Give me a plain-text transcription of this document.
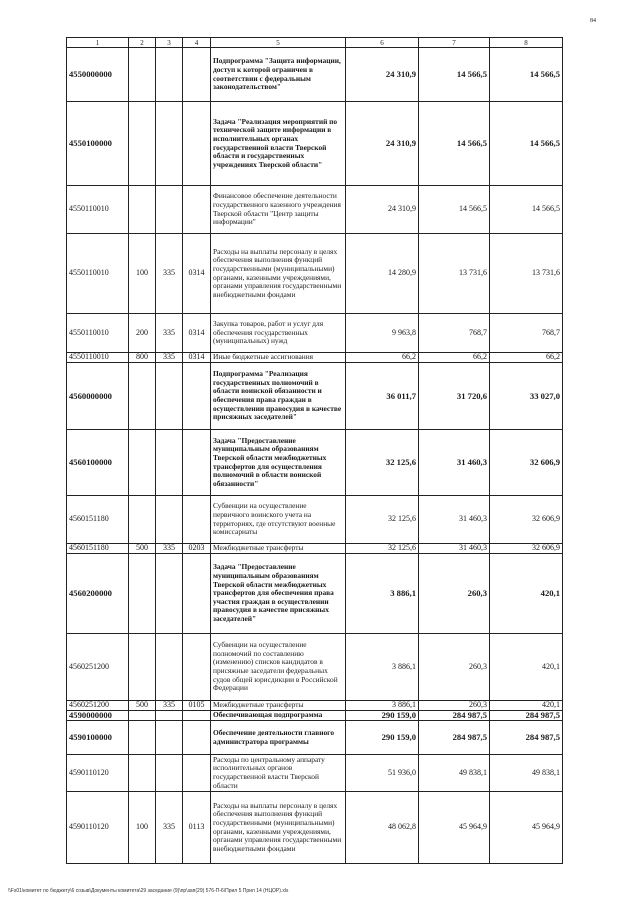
84
1	2	3	4	5	6	7	8
4550000000				Подпрограмма "Защита информации, доступ к которой ограничен в соответствии с федеральным законодательством"	24 310,9	14 566,5	14 566,5
4550100000				Задача "Реализация мероприятий по технической защите информации в исполнительных органах государственной власти Тверской области и государственных учреждениях Тверской области"	24 310,9	14 566,5	14 566,5
4550110010				Финансовое обеспечение деятельности государственного казенного учреждения Тверской области "Центр защиты информации"	24 310,9	14 566,5	14 566,5
4550110010	100	335	0314	Расходы на выплаты персоналу в целях обеспечения выполнения функций государственными (муниципальными) органами, казенными учреждениями, органами управления государственными внебюджетными фондами	14 280,9	13 731,6	13 731,6
4550110010	200	335	0314	Закупка товаров, работ и услуг для обеспечения государственных (муниципальных) нужд	9 963,8	768,7	768,7
4550110010	800	335	0314	Иные бюджетные ассигнования	66,2	66,2	66,2
4560000000				Подпрограмма "Реализация государственных полномочий в области воинской обязанности и обеспечения права граждан в осуществлении правосудия в качестве присяжных заседателей"	36 011,7	31 720,6	33 027,0
4560100000				Задача "Предоставление муниципальным образованиям Тверской области межбюджетных трансфертов для осуществления полномочий в области воинской обязанности"	32 125,6	31 460,3	32 606,9
4560151180				Субвенции на осуществление первичного воинского учета на территориях, где отсутствуют военные комиссариаты	32 125,6	31 460,3	32 606,9
4560151180	500	335	0203	Межбюджетные трансферты	32 125,6	31 460,3	32 606,9
4560200000				Задача "Предоставление муниципальным образованиям Тверской области межбюджетных трансфертов для обеспечения права участия граждан в осуществлении правосудия в качестве присяжных заседателей"	3 886,1	260,3	420,1
4560251200				Субвенции на осуществление полномочий по составлению (изменению) списков кандидатов в присяжные заседатели федеральных судов общей юрисдикции в Российской Федерации	3 886,1	260,3	420,1
4560251200	500	335	0105	Межбюджетные трансферты	3 886,1	260,3	420,1
4590000000				Обеспечивающая подпрограмма	290 159,0	284 987,5	284 987,5
4590100000				Обеспечение деятельности главного администратора программы	290 159,0	284 987,5	284 987,5
4590110120				Расходы по центральному аппарату исполнительных органов государственной власти Тверской области	51 936,0	49 838,1	49 838,1
4590110120	100	335	0113	Расходы на выплаты персоналу в целях обеспечения выполнения функций государственными (муниципальными) органами, казенными учреждениями, органами управления государственными внебюджетными фондами	48 062,8	45 964,9	45 964,9
\\Fs01\комитет по бюджету\6 созыв\Документы комитета\29 заседание (9)\пр\зап(29) 576-П-6\Прил 5 Прил 14 (НЦОР).xls
